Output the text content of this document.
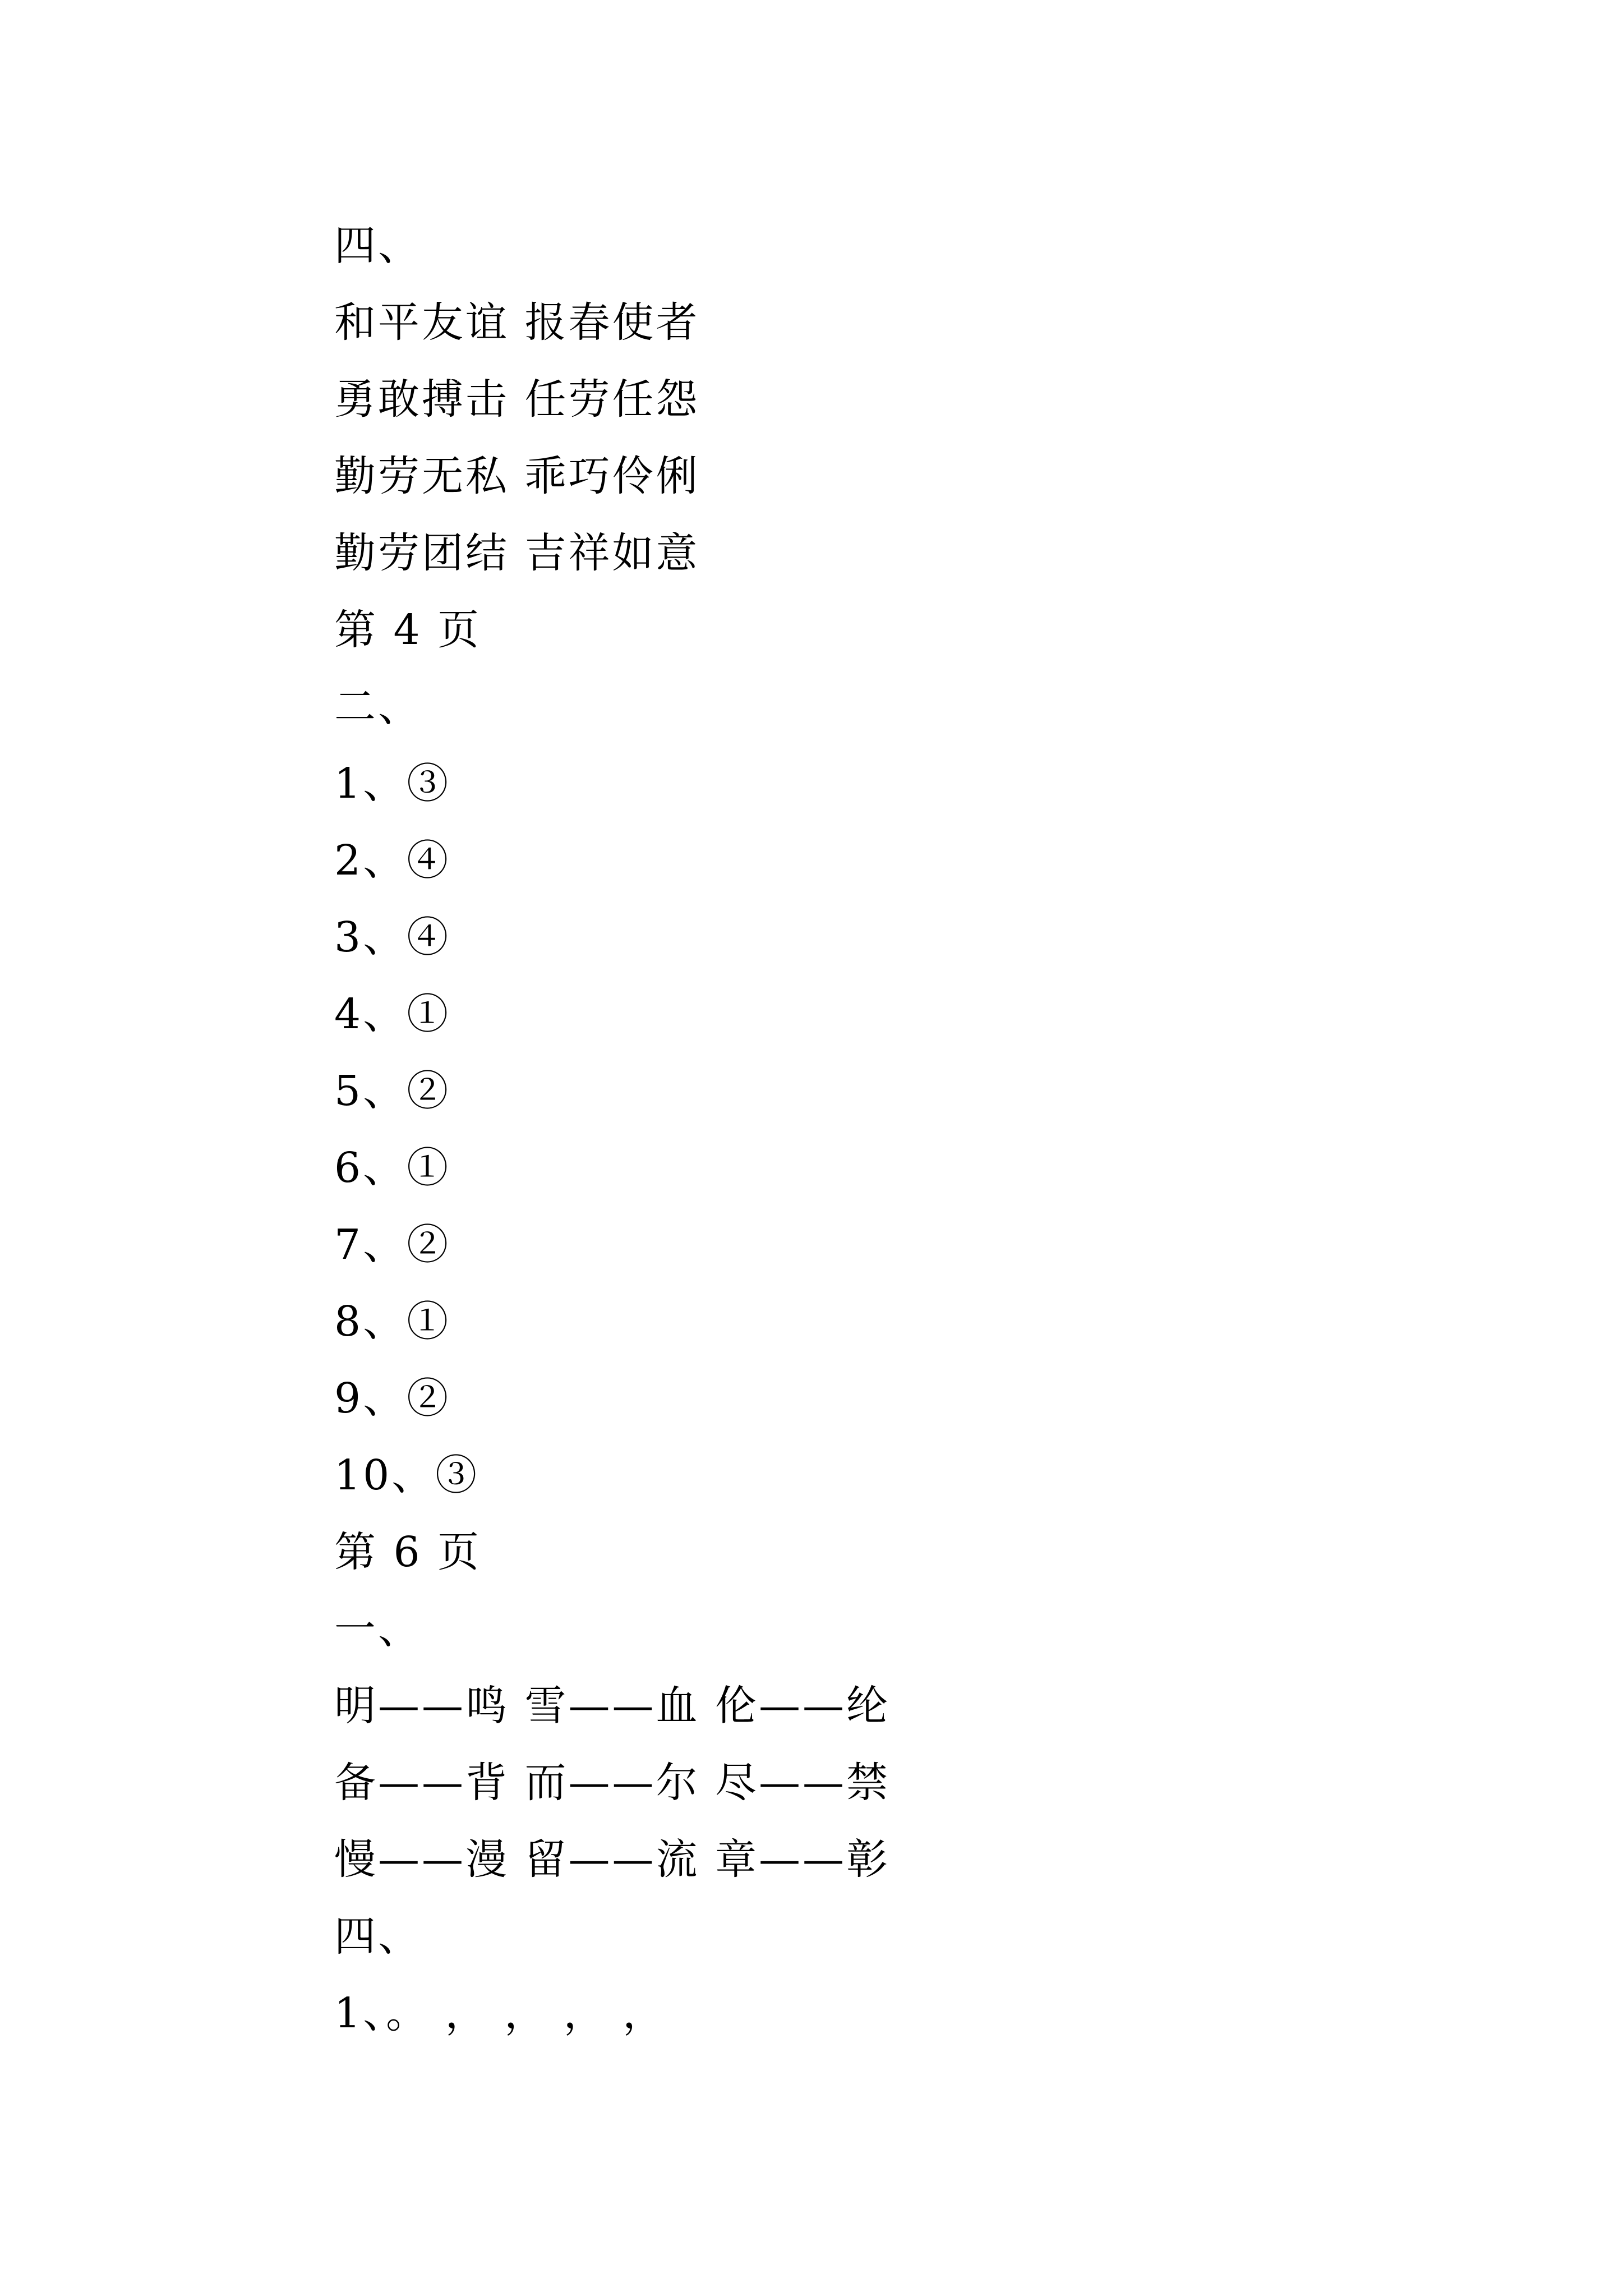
四、
和平友谊 报春使者
勇敢搏击 任劳任怨
勤劳无私 乖巧伶俐
勤劳团结 吉祥如意
第 4 页
二、
1、③
2、④
3、④
4、①
5、②
6、①
7、②
8、①
9、②
10、③
第 6 页
一、
明——鸣 雪——血 伦——纶
备——背 而——尔 尽——禁
慢——漫 留——流 章——彰
四、
1、。 ， ， ， ，
